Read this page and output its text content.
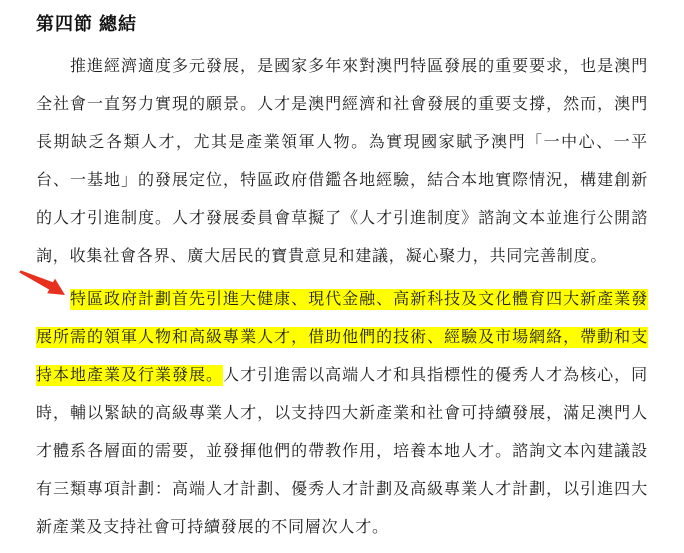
第四節 總結

推進經濟適度多元發展，是國家多年來對澳門特區發展的重要要求，也是澳門全社會一直努力實現的願景。人才是澳門經濟和社會發展的重要支撐，然而，澳門長期缺乏各類人才，尤其是產業領軍人物。為實現國家賦予澳門「一中心、一平台、一基地」的發展定位，特區政府借鑑各地經驗，結合本地實際情況，構建創新的人才引進制度。人才發展委員會草擬了《人才引進制度》諮詢文本並進行公開諮詢，收集社會各界、廣大居民的寶貴意見和建議，凝心聚力，共同完善制度。

特區政府計劃首先引進大健康、現代金融、高新科技及文化體育四大新產業發展所需的領軍人物和高級專業人才，借助他們的技術、經驗及市場網絡，帶動和支持本地產業及行業發展。人才引進需以高端人才和具指標性的優秀人才為核心，同時，輔以緊缺的高級專業人才，以支持四大新產業和社會可持續發展，滿足澳門人才體系各層面的需要，並發揮他們的帶教作用，培養本地人才。諮詢文本內建議設有三類專項計劃：高端人才計劃、優秀人才計劃及高級專業人才計劃，以引進四大新產業及支持社會可持續發展的不同層次人才。
